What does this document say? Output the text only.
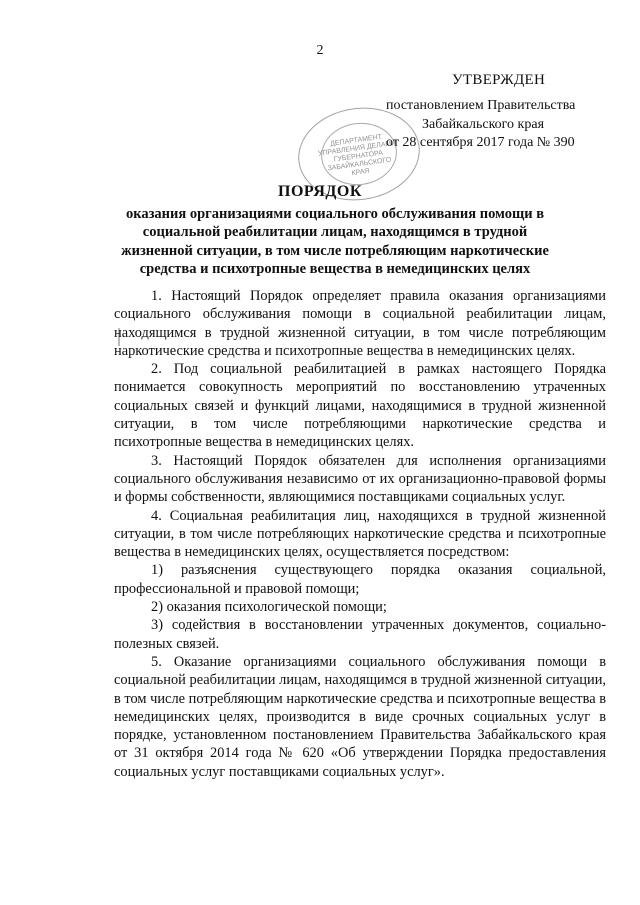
2
УТВЕРЖДЕН
постановлением Правительства
Забайкальского края
от 28 сентября 2017 года № 390
ДЕПАРТАМЕНТ УПРАВЛЕНИЯ ДЕЛАМИ ГУБЕРНАТОРА ЗАБАЙКАЛЬСКОГО КРАЯ
ПОРЯДОК
оказания организациями социального обслуживания помощи в социальной реабилитации лицам, находящимся в трудной жизненной ситуации, в том числе потребляющим наркотические средства и психотропные вещества в немедицинских целях

1. Настоящий Порядок определяет правила оказания организациями социального обслуживания помощи в социальной реабилитации лицам, находящимся в трудной жизненной ситуации, в том числе потребляющим наркотические средства и психотропные вещества в немедицинских целях.

2. Под социальной реабилитацией в рамках настоящего Порядка понимается совокупность мероприятий по восстановлению утраченных социальных связей и функций лицами, находящимися в трудной жизненной ситуации, в том числе потребляющими наркотические средства и психотропные вещества в немедицинских целях.

3. Настоящий Порядок обязателен для исполнения организациями социального обслуживания независимо от их организационно-правовой формы и формы собственности, являющимися поставщиками социальных услуг.

4. Социальная реабилитация лиц, находящихся в трудной жизненной ситуации, в том числе потребляющих наркотические средства и психотропные вещества в немедицинских целях, осуществляется посредством:

1) разъяснения существующего порядка оказания социальной, профессиональной и правовой помощи;

2) оказания психологической помощи;

3) содействия в восстановлении утраченных документов, социально-полезных связей.

5. Оказание организациями социального обслуживания помощи в социальной реабилитации лицам, находящимся в трудной жизненной ситуации, в том числе потребляющим наркотические средства и психотропные вещества в немедицинских целях, производится в виде срочных социальных услуг в порядке, установленном постановлением Правительства Забайкальского края от 31 октября 2014 года № 620 «Об утверждении Порядка предоставления социальных услуг поставщиками социальных услуг».
